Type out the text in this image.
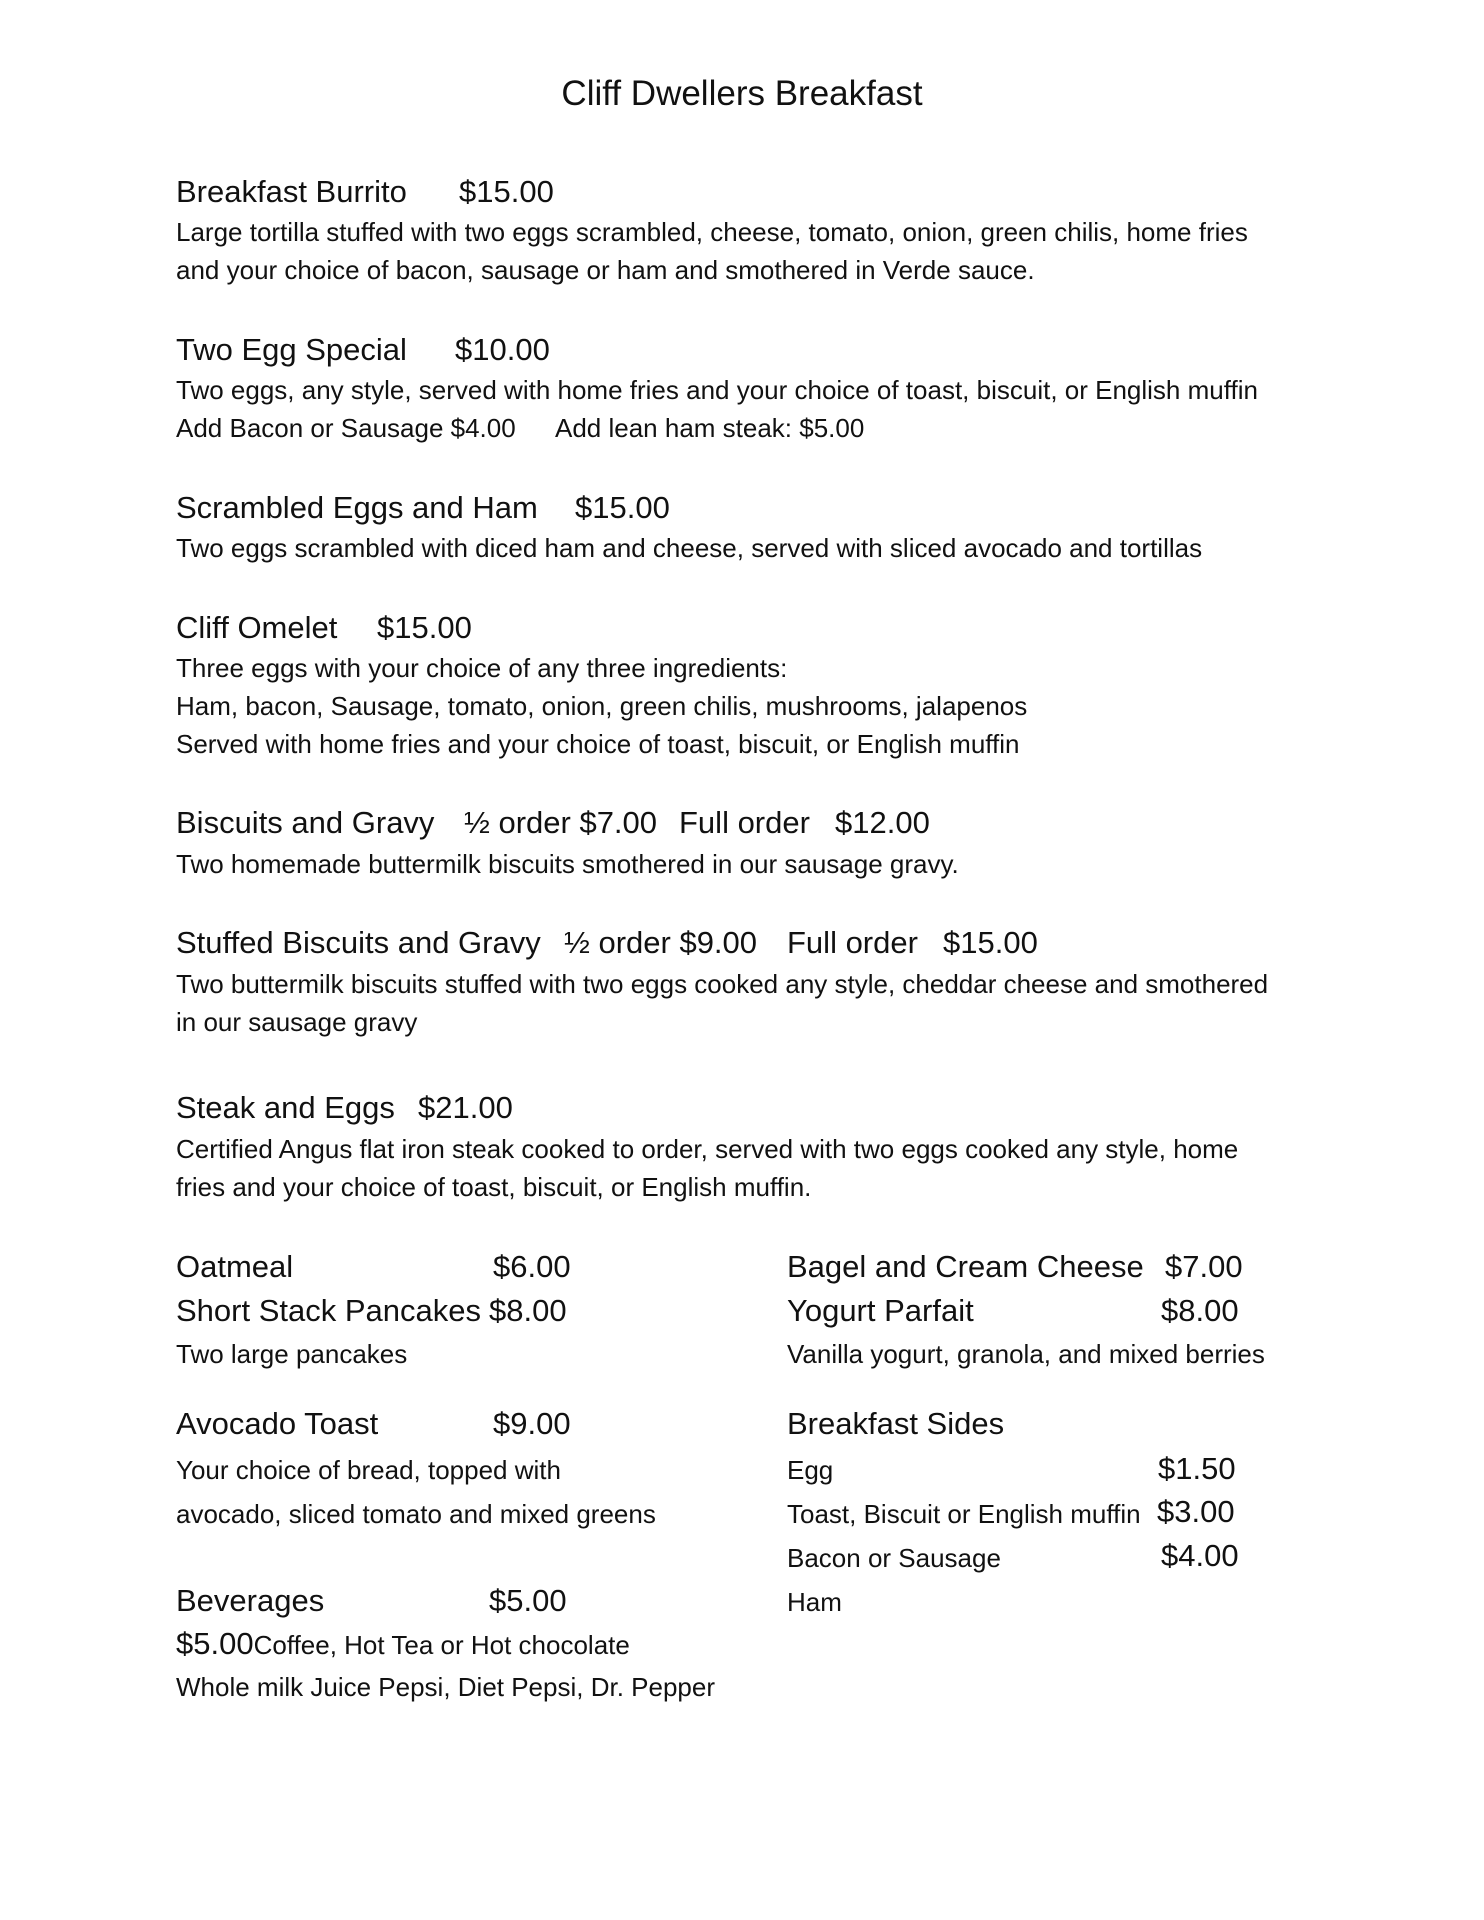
Cliff Dwellers Breakfast
Breakfast Burrito $15.00
Large tortilla stuffed with two eggs scrambled, cheese, tomato, onion, green chilis, home fries
and your choice of bacon, sausage or ham and smothered in Verde sauce.
Two Egg Special $10.00
Two eggs, any style, served with home fries and your choice of toast, biscuit, or English muffin
Add Bacon or Sausage $4.00 Add lean ham steak: $5.00
Scrambled Eggs and Ham $15.00
Two eggs scrambled with diced ham and cheese, served with sliced avocado and tortillas
Cliff Omelet $15.00
Three eggs with your choice of any three ingredients:
Ham, bacon, Sausage, tomato, onion, green chilis, mushrooms, jalapenos
Served with home fries and your choice of toast, biscuit, or English muffin
Biscuits and Gravy ½ order $7.00 Full order $12.00
Two homemade buttermilk biscuits smothered in our sausage gravy.
Stuffed Biscuits and Gravy ½ order $9.00 Full order $15.00
Two buttermilk biscuits stuffed with two eggs cooked any style, cheddar cheese and smothered
in our sausage gravy
Steak and Eggs $21.00
Certified Angus flat iron steak cooked to order, served with two eggs cooked any style, home
fries and your choice of toast, biscuit, or English muffin.
Oatmeal	$6.00
Short Stack Pancakes $8.00
Two large pancakes
Avocado Toast	$9.00
Your choice of bread, topped with
avocado, sliced tomato and mixed greens
Beverages	$5.00
$5.00Coffee, Hot Tea or Hot chocolate
Whole milk Juice Pepsi, Diet Pepsi, Dr. Pepper
Bagel and Cream Cheese $7.00
Yogurt Parfait	$8.00
Vanilla yogurt, granola, and mixed berries
Breakfast Sides
Egg	$1.50
Toast, Biscuit or English muffin $3.00
Bacon or Sausage	$4.00
Ham
